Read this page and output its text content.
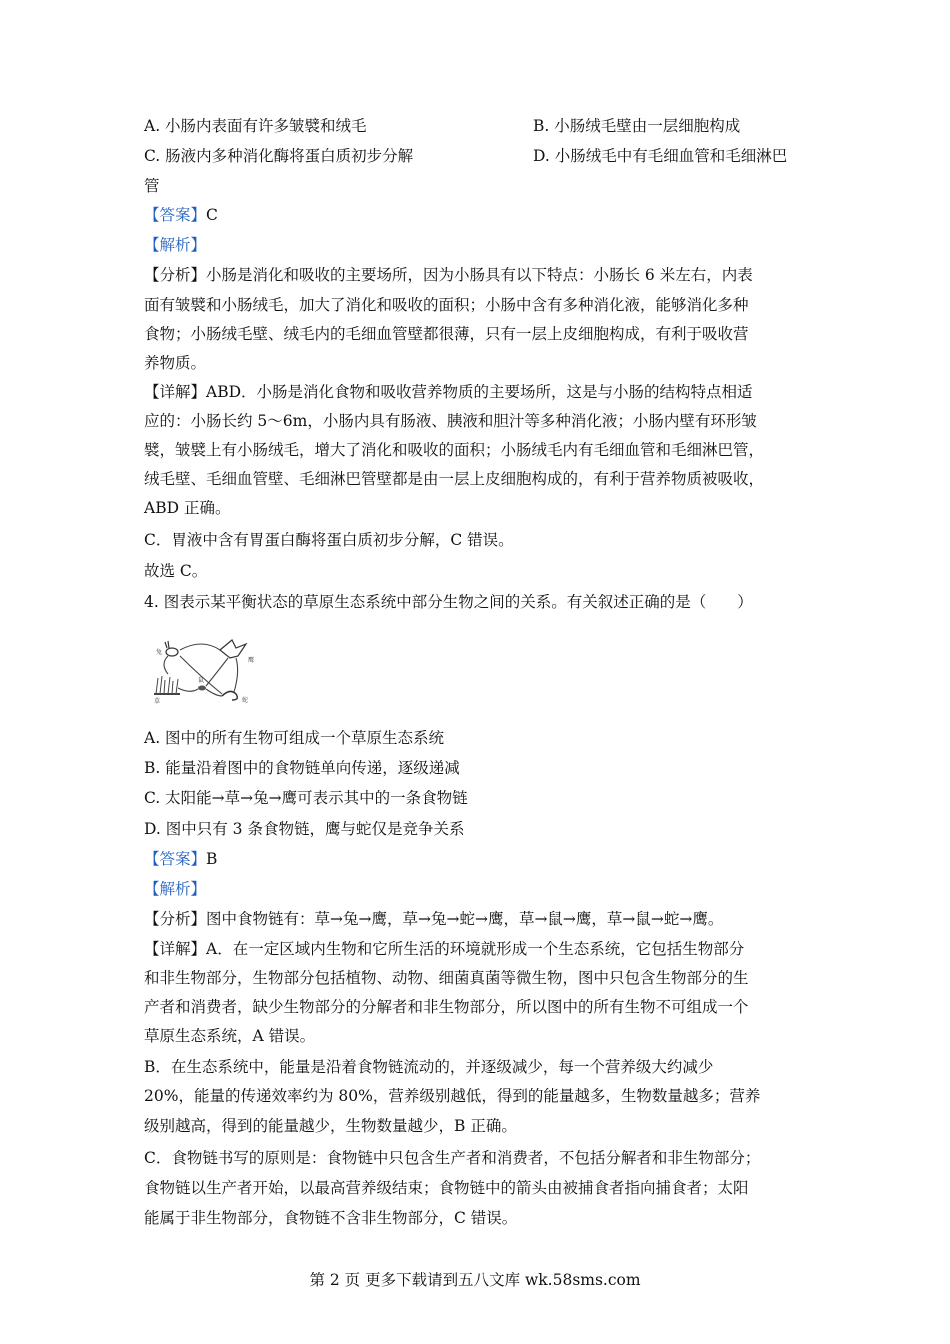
A. 小肠内表面有许多皱襞和绒毛	B. 小肠绒毛壁由一层细胞构成
C. 肠液内多种消化酶将蛋白质初步分解	D. 小肠绒毛中有毛细血管和毛细淋巴
管
【答案】C
【解析】
【分析】小肠是消化和吸收的主要场所，因为小肠具有以下特点：小肠长 6 米左右，内表
面有皱襞和小肠绒毛，加大了消化和吸收的面积；小肠中含有多种消化液，能够消化多种
食物；小肠绒毛壁、绒毛内的毛细血管壁都很薄，只有一层上皮细胞构成，有利于吸收营
养物质。
【详解】ABD．小肠是消化食物和吸收营养物质的主要场所，这是与小肠的结构特点相适
应的：小肠长约 5～6m，小肠内具有肠液、胰液和胆汁等多种消化液；小肠内壁有环形皱
襞，皱襞上有小肠绒毛，增大了消化和吸收的面积；小肠绒毛内有毛细血管和毛细淋巴管，
绒毛壁、毛细血管壁、毛细淋巴管壁都是由一层上皮细胞构成的，有利于营养物质被吸收，
ABD 正确。
C．胃液中含有胃蛋白酶将蛋白质初步分解，C 错误。
故选 C。
4. 图表示某平衡状态的草原生态系统中部分生物之间的关系。有关叙述正确的是（　　）
兔
鹰
草
鼠
蛇
A. 图中的所有生物可组成一个草原生态系统
B. 能量沿着图中的食物链单向传递，逐级递减
C. 太阳能→草→兔→鹰可表示其中的一条食物链
D. 图中只有 3 条食物链，鹰与蛇仅是竞争关系
【答案】B
【解析】
【分析】图中食物链有：草→兔→鹰，草→兔→蛇→鹰，草→鼠→鹰，草→鼠→蛇→鹰。
【详解】A．在一定区域内生物和它所生活的环境就形成一个生态系统，它包括生物部分
和非生物部分，生物部分包括植物、动物、细菌真菌等微生物，图中只包含生物部分的生
产者和消费者，缺少生物部分的分解者和非生物部分，所以图中的所有生物不可组成一个
草原生态系统，A 错误。
B．在生态系统中，能量是沿着食物链流动的，并逐级减少，每一个营养级大约减少
20%，能量的传递效率约为 80%，营养级别越低，得到的能量越多，生物数量越多；营养
级别越高，得到的能量越少，生物数量越少，B 正确。
C．食物链书写的原则是：食物链中只包含生产者和消费者，不包括分解者和非生物部分；
食物链以生产者开始，以最高营养级结束；食物链中的箭头由被捕食者指向捕食者；太阳
能属于非生物部分，食物链不含非生物部分，C 错误。
第 2 页 更多下载请到五八文库 wk.58sms.com
